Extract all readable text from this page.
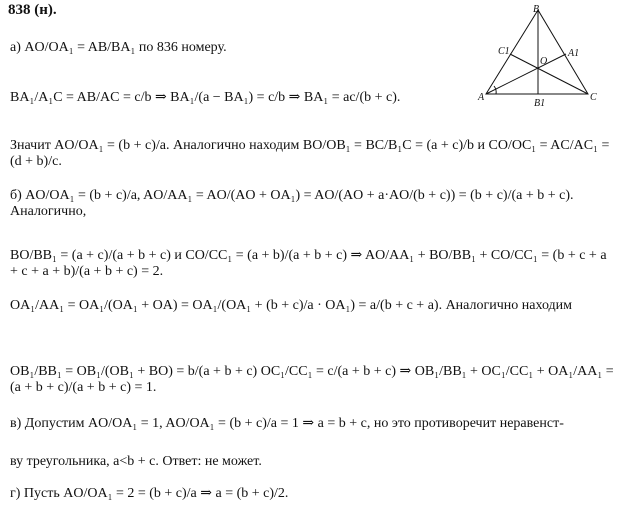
838 (н).	B
C1	A1
O
A
B1
C
а) AO/OA₁ = AB/BA₁ по 836 номеру.
BA₁/A₁C = AB/AC = c/b ⇒ BA₁/(a − BA₁) = c/b ⇒ BA₁ = ac/(b + c).
Значит AO/OA₁ = (b + c)/a. Аналогично находим BO/OB₁ = BC/B₁C = (a + c)/b и CO/OC₁ = AC/AC₁ = (d + b)/c.
б) AO/OA₁ = (b + c)/a, AO/AA₁ = AO/(AO + OA₁) = AO/(AO + a·AO/(b + c)) = (b + c)/(a + b + c). Аналогично,
BO/BB₁ = (a + c)/(a + b + c) и CO/CC₁ = (a + b)/(a + b + c) ⇒ AO/AA₁ + BO/BB₁ + CO/CC₁ = (b + c + a + c + a + b)/(a + b + c) = 2.
OA₁/AA₁ = OA₁/(OA₁ + OA) = OA₁/(OA₁ + (b + c)/a · OA₁) = a/(b + c + a). Аналогично находим
OB₁/BB₁ = OB₁/(OB₁ + BO) = b/(a + b + c) OC₁/CC₁ = c/(a + b + c) ⇒ OB₁/BB₁ + OC₁/CC₁ + OA₁/AA₁ = (a + b + c)/(a + b + c) = 1.
в) Допустим AO/OA₁ = 1, AO/OA₁ = (b + c)/a = 1 ⇒ a = b + c, но это противоречит неравенст-
ву треугольника, a<b + c. Ответ: не может.
г) Пусть AO/OA₁ = 2 = (b + c)/a ⇒ a = (b + c)/2.
